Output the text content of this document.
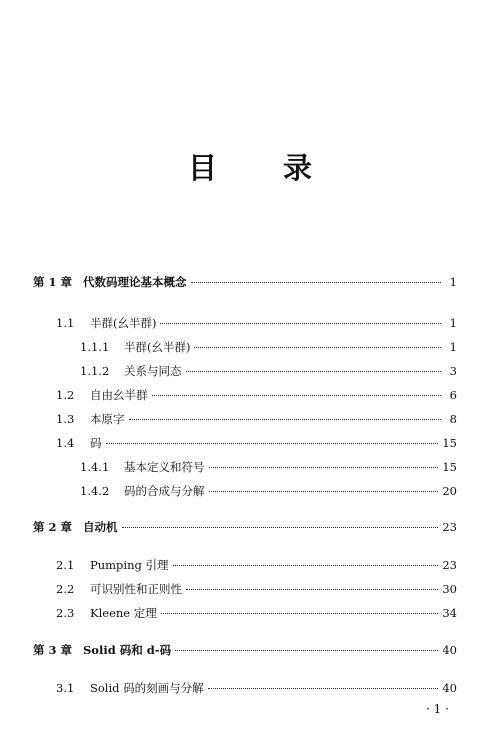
目 录
第 1 章 代数码理论基本概念	1
1.1	半群(幺半群)	1
1.1.1	半群(幺半群)	1
1.1.2	关系与同态	3
1.2	自由幺半群	6
1.3	本原字	8
1.4	码	15
1.4.1	基本定义和符号	15
1.4.2	码的合成与分解	20
第 2 章 自动机	23
2.1	Pumping 引理	23
2.2	可识别性和正则性	30
2.3	Kleene 定理	34
第 3 章 Solid 码和 d-码	40
3.1	Solid 码的刻画与分解	40
· 1 ·
